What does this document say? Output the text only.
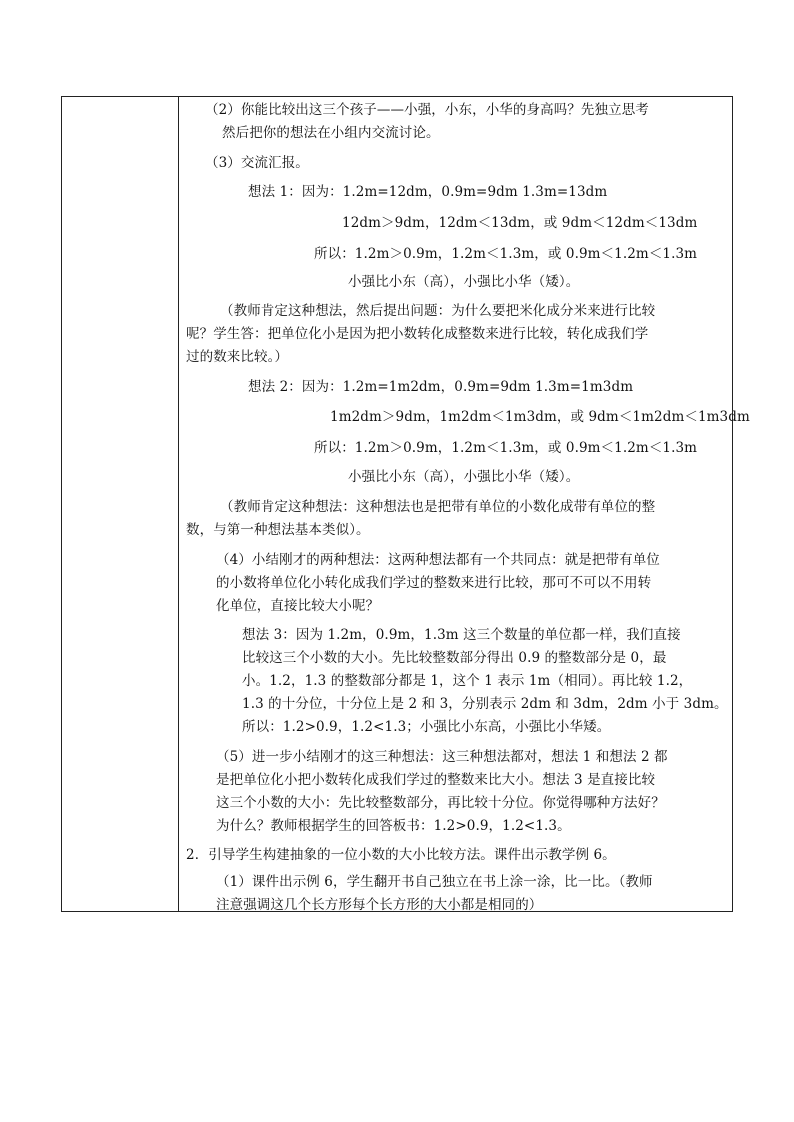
（2）你能比较出这三个孩子——小强，小东，小华的身高吗？先独立思考
然后把你的想法在小组内交流讨论。
（3）交流汇报。
想法 1：因为：1.2m=12dm，0.9m=9dm 1.3m=13dm
12dm＞9dm，12dm＜13dm，或 9dm＜12dm＜13dm
所以：1.2m＞0.9m，1.2m＜1.3m，或 0.9m＜1.2m＜1.3m
小强比小东（高），小强比小华（矮）。
（教师肯定这种想法，然后提出问题：为什么要把米化成分米来进行比较
呢？学生答：把单位化小是因为把小数转化成整数来进行比较，转化成我们学
过的数来比较。）
想法 2：因为：1.2m=1m2dm，0.9m=9dm 1.3m=1m3dm
1m2dm＞9dm，1m2dm＜1m3dm，或 9dm＜1m2dm＜1m3dm
所以：1.2m＞0.9m，1.2m＜1.3m，或 0.9m＜1.2m＜1.3m
小强比小东（高），小强比小华（矮）。
（教师肯定这种想法：这种想法也是把带有单位的小数化成带有单位的整
数，与第一种想法基本类似）。
（4）小结刚才的两种想法：这两种想法都有一个共同点：就是把带有单位
的小数将单位化小转化成我们学过的整数来进行比较，那可不可以不用转
化单位，直接比较大小呢？
想法 3：因为 1.2m，0.9m，1.3m 这三个数量的单位都一样，我们直接
比较这三个小数的大小。先比较整数部分得出 0.9 的整数部分是 0，最
小。1.2，1.3 的整数部分都是 1，这个 1 表示 1m（相同）。再比较 1.2，
1.3 的十分位，十分位上是 2 和 3，分别表示 2dm 和 3dm，2dm 小于 3dm。
所以：1.2>0.9，1.2<1.3；小强比小东高，小强比小华矮。
（5）进一步小结刚才的这三种想法：这三种想法都对，想法 1 和想法 2 都
是把单位化小把小数转化成我们学过的整数来比大小。想法 3 是直接比较
这三个小数的大小：先比较整数部分，再比较十分位。你觉得哪种方法好？
为什么？教师根据学生的回答板书：1.2>0.9，1.2<1.3。
2．引导学生构建抽象的一位小数的大小比较方法。课件出示教学例 6。
（1）课件出示例 6，学生翻开书自己独立在书上涂一涂，比一比。（教师
注意强调这几个长方形每个长方形的大小都是相同的）
